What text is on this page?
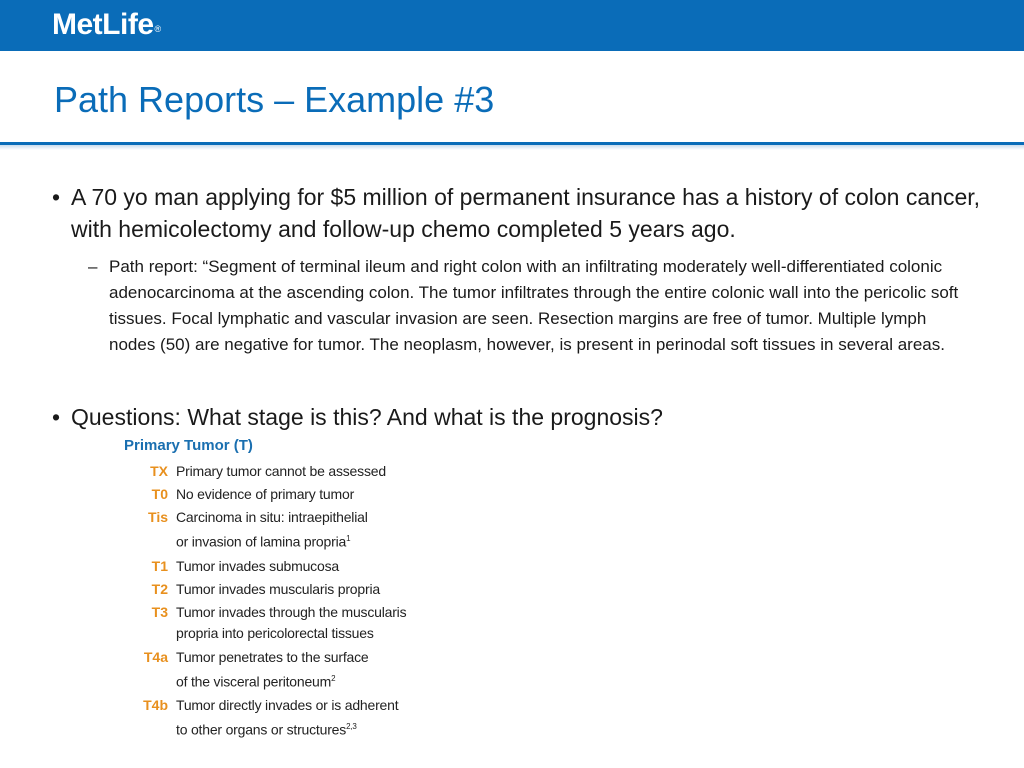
MetLife®
Path Reports – Example #3
• A 70 yo man applying for $5 million of permanent insurance has a history of colon cancer, with hemicolectomy and follow-up chemo completed 5 years ago.
– Path report: “Segment of terminal ileum and right colon with an infiltrating moderately well-differentiated colonic adenocarcinoma at the ascending colon. The tumor infiltrates through the entire colonic wall into the pericolic soft tissues. Focal lymphatic and vascular invasion are seen. Resection margins are free of tumor. Multiple lymph nodes (50) are negative for tumor. The neoplasm, however, is present in perinodal soft tissues in several areas.
• Questions: What stage is this? And what is the prognosis?
Primary Tumor (T)
TX Primary tumor cannot be assessed
T0 No evidence of primary tumor
Tis Carcinoma in situ: intraepithelial
or invasion of lamina propria$^1$
T1 Tumor invades submucosa
T2 Tumor invades muscularis propria
T3 Tumor invades through the muscularis
propria into pericolorectal tissues
T4a Tumor penetrates to the surface
of the visceral peritoneum$^2$
T4b Tumor directly invades or is adherent
to other organs or structures$^{2,3}$
